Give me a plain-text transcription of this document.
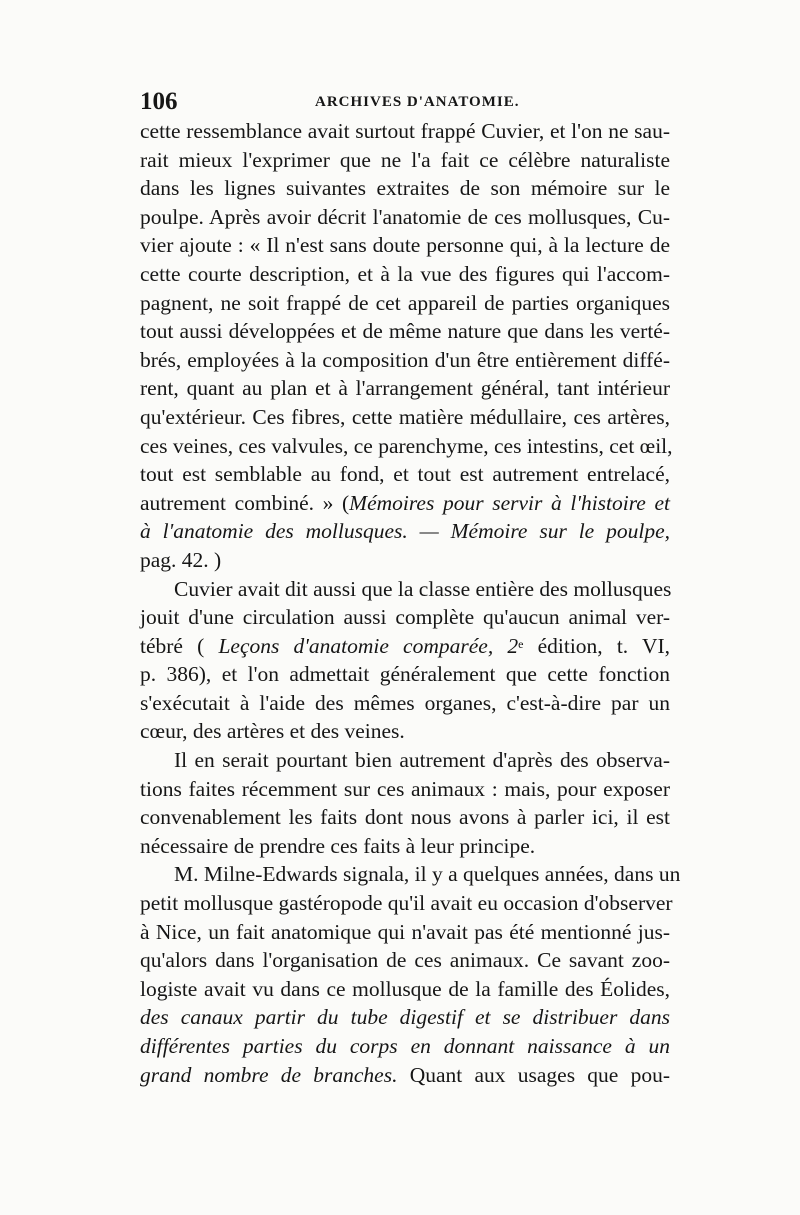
106	ARCHIVES D'ANATOMIE.
cette ressemblance avait surtout frappé Cuvier, et l'on ne sau-
rait mieux l'exprimer que ne l'a fait ce célèbre naturaliste
dans les lignes suivantes extraites de son mémoire sur le
poulpe. Après avoir décrit l'anatomie de ces mollusques, Cu-
vier ajoute : « Il n'est sans doute personne qui, à la lecture de
cette courte description, et à la vue des figures qui l'accom-
pagnent, ne soit frappé de cet appareil de parties organiques
tout aussi développées et de même nature que dans les verté-
brés, employées à la composition d'un être entièrement diffé-
rent, quant au plan et à l'arrangement général, tant intérieur
qu'extérieur. Ces fibres, cette matière médullaire, ces artères,
ces veines, ces valvules, ce parenchyme, ces intestins, cet œil,
tout est semblable au fond, et tout est autrement entrelacé,
autrement combiné. » (Mémoires pour servir à l'histoire et
à l'anatomie des mollusques. — Mémoire sur le poulpe,
pag. 42. )
Cuvier avait dit aussi que la classe entière des mollusques
jouit d'une circulation aussi complète qu'aucun animal ver-
tébré ( Leçons d'anatomie comparée, 2e édition, t. VI,
p. 386), et l'on admettait généralement que cette fonction
s'exécutait à l'aide des mêmes organes, c'est-à-dire par un
cœur, des artères et des veines.
Il en serait pourtant bien autrement d'après des observa-
tions faites récemment sur ces animaux : mais, pour exposer
convenablement les faits dont nous avons à parler ici, il est
nécessaire de prendre ces faits à leur principe.
M. Milne-Edwards signala, il y a quelques années, dans un
petit mollusque gastéropode qu'il avait eu occasion d'observer
à Nice, un fait anatomique qui n'avait pas été mentionné jus-
qu'alors dans l'organisation de ces animaux. Ce savant zoo-
logiste avait vu dans ce mollusque de la famille des Éolides,
des canaux partir du tube digestif et se distribuer dans
différentes parties du corps en donnant naissance à un
grand nombre de branches. Quant aux usages que pou-
